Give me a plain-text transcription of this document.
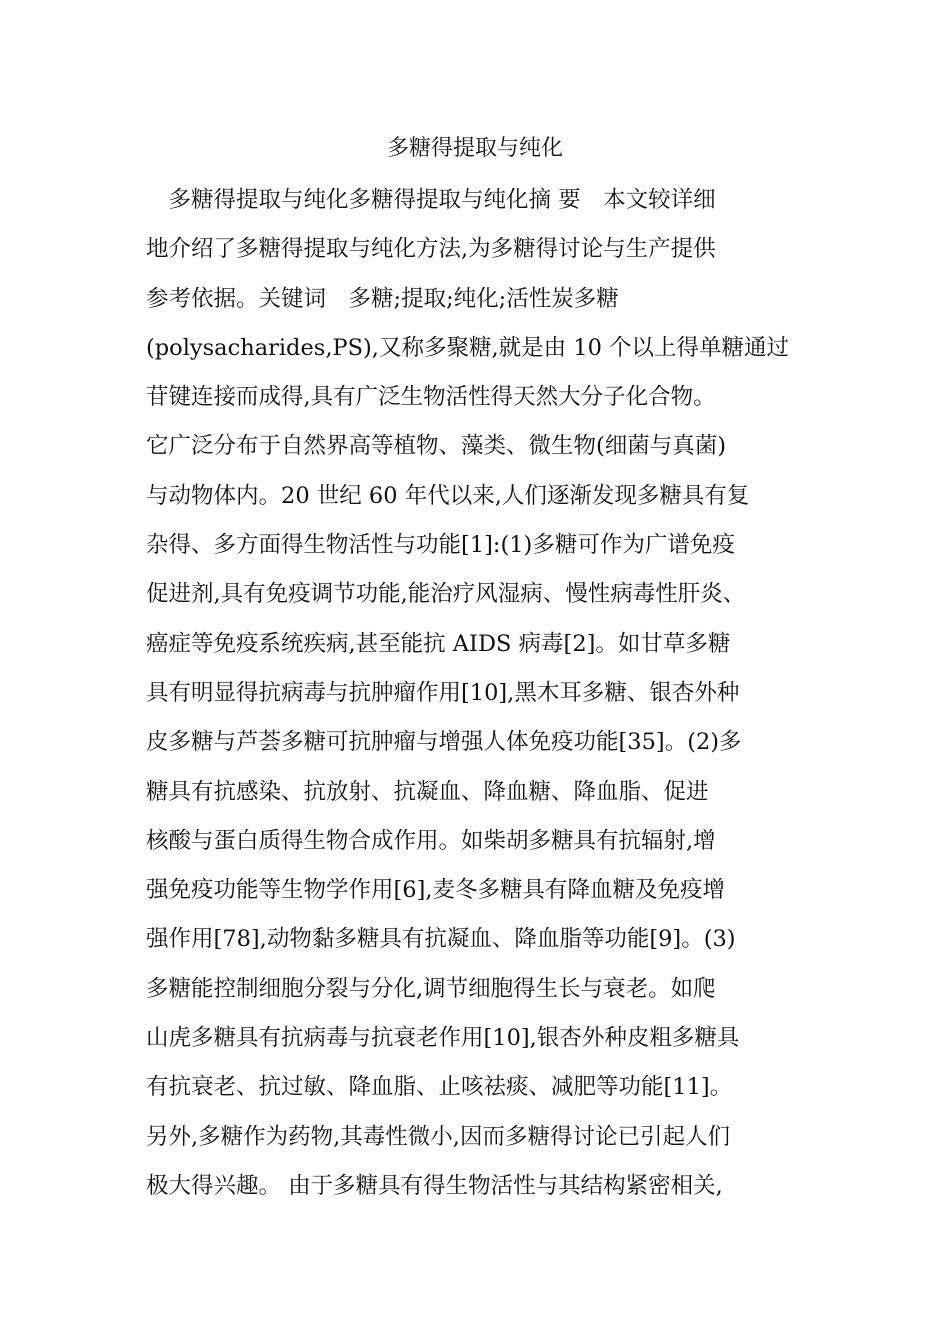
多糖得提取与纯化
　多糖得提取与纯化多糖得提取与纯化摘 要　本文较详细
地介绍了多糖得提取与纯化方法,为多糖得讨论与生产提供
参考依据。关键词　多糖;提取;纯化;活性炭多糖
(polysacharides,PS),又称多聚糖,就是由 10 个以上得单糖通过
苷键连接而成得,具有广泛生物活性得天然大分子化合物。
它广泛分布于自然界高等植物、藻类、微生物(细菌与真菌)
与动物体内。20 世纪 60 年代以来,人们逐渐发现多糖具有复
杂得、多方面得生物活性与功能[1]:(1)多糖可作为广谱免疫
促进剂,具有免疫调节功能,能治疗风湿病、慢性病毒性肝炎、
癌症等免疫系统疾病,甚至能抗 AIDS 病毒[2]。如甘草多糖
具有明显得抗病毒与抗肿瘤作用[10],黑木耳多糖、银杏外种
皮多糖与芦荟多糖可抗肿瘤与增强人体免疫功能[35]。(2)多
糖具有抗感染、抗放射、抗凝血、降血糖、降血脂、促进
核酸与蛋白质得生物合成作用。如柴胡多糖具有抗辐射,增
强免疫功能等生物学作用[6],麦冬多糖具有降血糖及免疫增
强作用[78],动物黏多糖具有抗凝血、降血脂等功能[9]。(3)
多糖能控制细胞分裂与分化,调节细胞得生长与衰老。如爬
山虎多糖具有抗病毒与抗衰老作用[10],银杏外种皮粗多糖具
有抗衰老、抗过敏、降血脂、止咳祛痰、减肥等功能[11]。
另外,多糖作为药物,其毒性微小,因而多糖得讨论已引起人们
极大得兴趣。 由于多糖具有得生物活性与其结构紧密相关,
